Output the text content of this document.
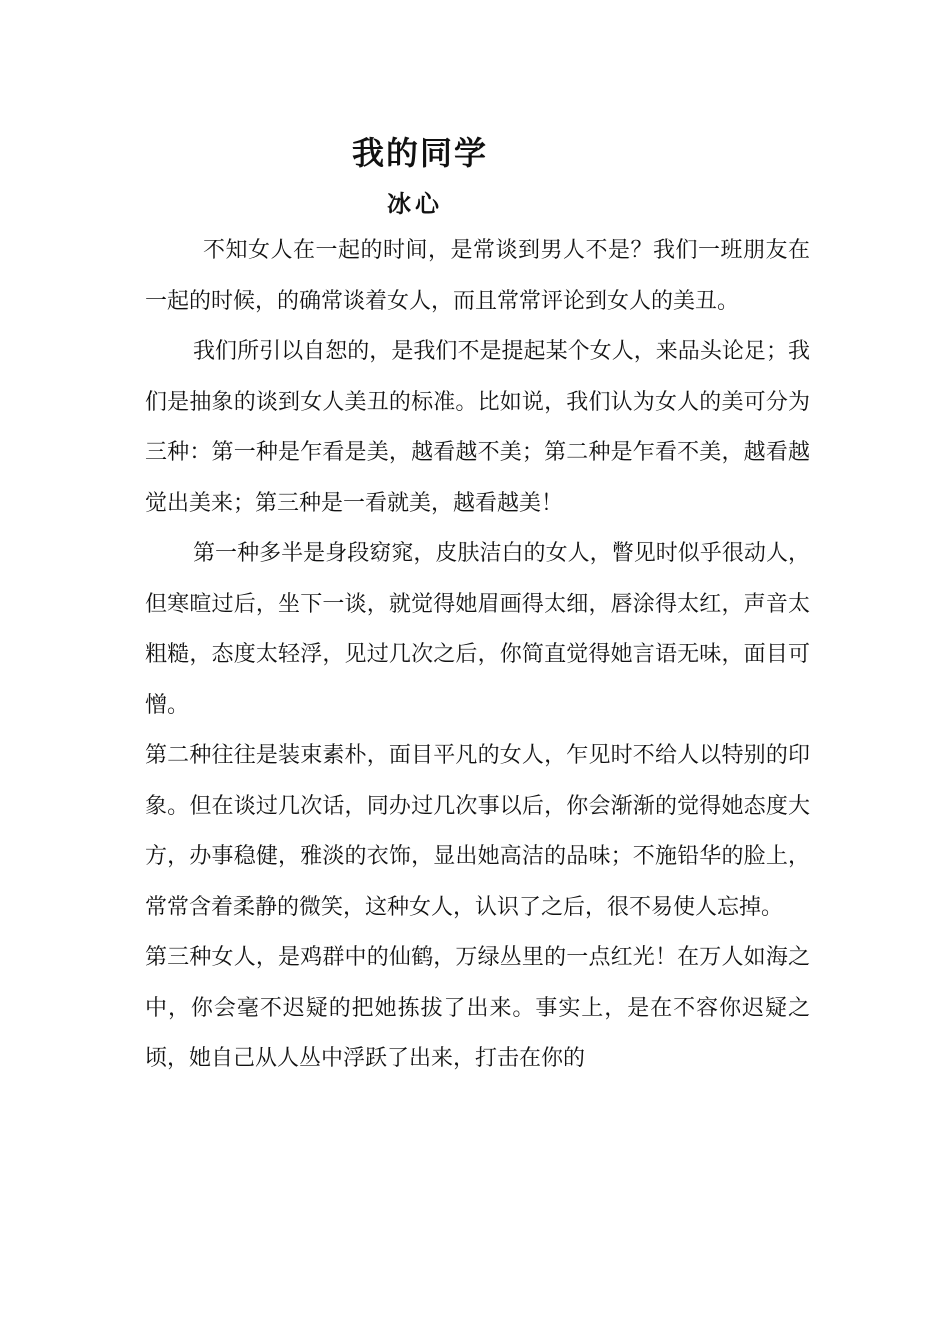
我的同学
冰心

不知女人在一起的时间，是常谈到男人不是？我们一班朋友在一起的时候，的确常谈着女人，而且常常评论到女人的美丑。

我们所引以自恕的，是我们不是提起某个女人，来品头论足；我们是抽象的谈到女人美丑的标准。比如说，我们认为女人的美可分为三种：第一种是乍看是美，越看越不美；第二种是乍看不美，越看越觉出美来；第三种是一看就美，越看越美！

第一种多半是身段窈窕，皮肤洁白的女人，瞥见时似乎很动人，但寒暄过后，坐下一谈，就觉得她眉画得太细，唇涂得太红，声音太粗糙，态度太轻浮，见过几次之后，你简直觉得她言语无味，面目可憎。

第二种往往是装束素朴，面目平凡的女人，乍见时不给人以特别的印象。但在谈过几次话，同办过几次事以后，你会渐渐的觉得她态度大方，办事稳健，雅淡的衣饰，显出她高洁的品味；不施铅华的脸上，常常含着柔静的微笑，这种女人，认识了之后，很不易使人忘掉。

第三种女人，是鸡群中的仙鹤，万绿丛里的一点红光！在万人如海之中，你会毫不迟疑的把她拣拔了出来。事实上，是在不容你迟疑之顷，她自己从人丛中浮跃了出来，打击在你的
